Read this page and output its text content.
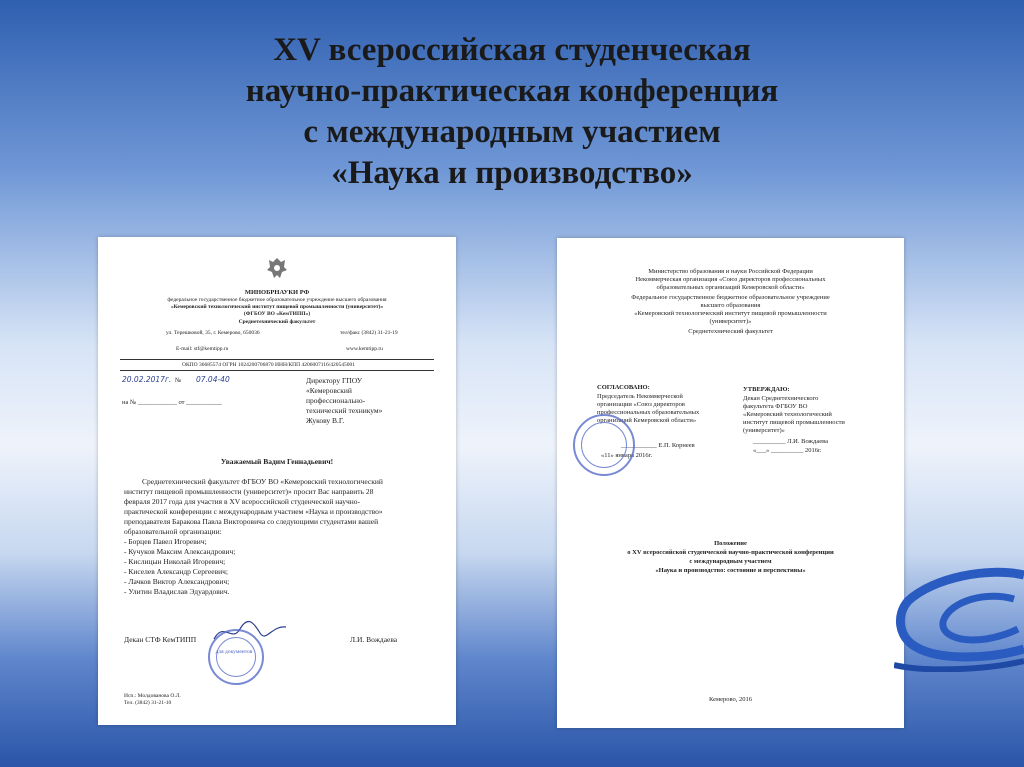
XV всероссийская студенческая
научно-практическая конференция
с международным участием
«Наука и производство»
МИНОБРНАУКИ РФ
федеральное государственное бюджетное образовательное учреждение высшего образования
«Кемеровский технологический институт пищевой промышленности (университет)»
(ФГБОУ ВО «КемТИПП»)
Среднетехнический факультет
ул. Терешковой, 35, г. Кемерово, 650036	тел/факс (3842) 31-21-19
E-mail: stf@kemtipp.ru	www.kemtipp.ru
ОКПО 36685574 ОГРН 1024200706870 ИНН/КПП 4206007116/420545001
20.02.2017г. № 07.04-40
на № ____________ от ___________
Директору ГПОУ
«Кемеровский
профессионально-
технический техникум»
Жукову В.Г.
Уважаемый Вадим Геннадьевич!
Среднетехнический факультет ФГБОУ ВО «Кемеровский технологический
институт пищевой промышленности (университет)» просит Вас направить 28
февраля 2017 года для участия в XV всероссийской студенческой научно-
практической конференции с международным участием «Наука и производство»
преподавателя Баракова Павла Викторовича со следующими студентами вашей
образовательной организации:
- Борцев Павел Игоревич;
- Кучуков Максим Александрович;
- Кислицын Николай Игоревич;
- Киселев Александр Сергеевич;
- Лачков Виктор Александрович;
- Улитин Владислав Эдуардович.
Декан СТФ КемТИПП
для документов
Л.И. Вождаева
Исп.: Молдованова О.Л.
Тел. (3842) 31-21-10
Министерство образования и науки Российской Федерации
Некоммерческая организация «Союз директоров профессиональных
образовательных организаций Кемеровской области»
Федеральное государственное бюджетное образовательное учреждение
высшего образования
«Кемеровский технологический институт пищевой промышленности
(университет)»
Среднетехнический факультет
СОГЛАСОВАНО:
Председатель Некоммерческой
организации «Союз директоров
профессиональных образовательных
организаций Кемеровской области»
___________ Е.П. Корнеев
«11» января 2016г.
УТВЕРЖДАЮ:
Декан Среднетехнического
факультета ФГБОУ ВО
«Кемеровский технологический
институт пищевой промышленности
(университет)»
__________ Л.И. Вождаева
«___» __________ 2016г.
Положение
о XV всероссийской студенческой научно-практической конференции
с международным участием
«Наука и производство: состояние и перспективы»
Кемерово, 2016
